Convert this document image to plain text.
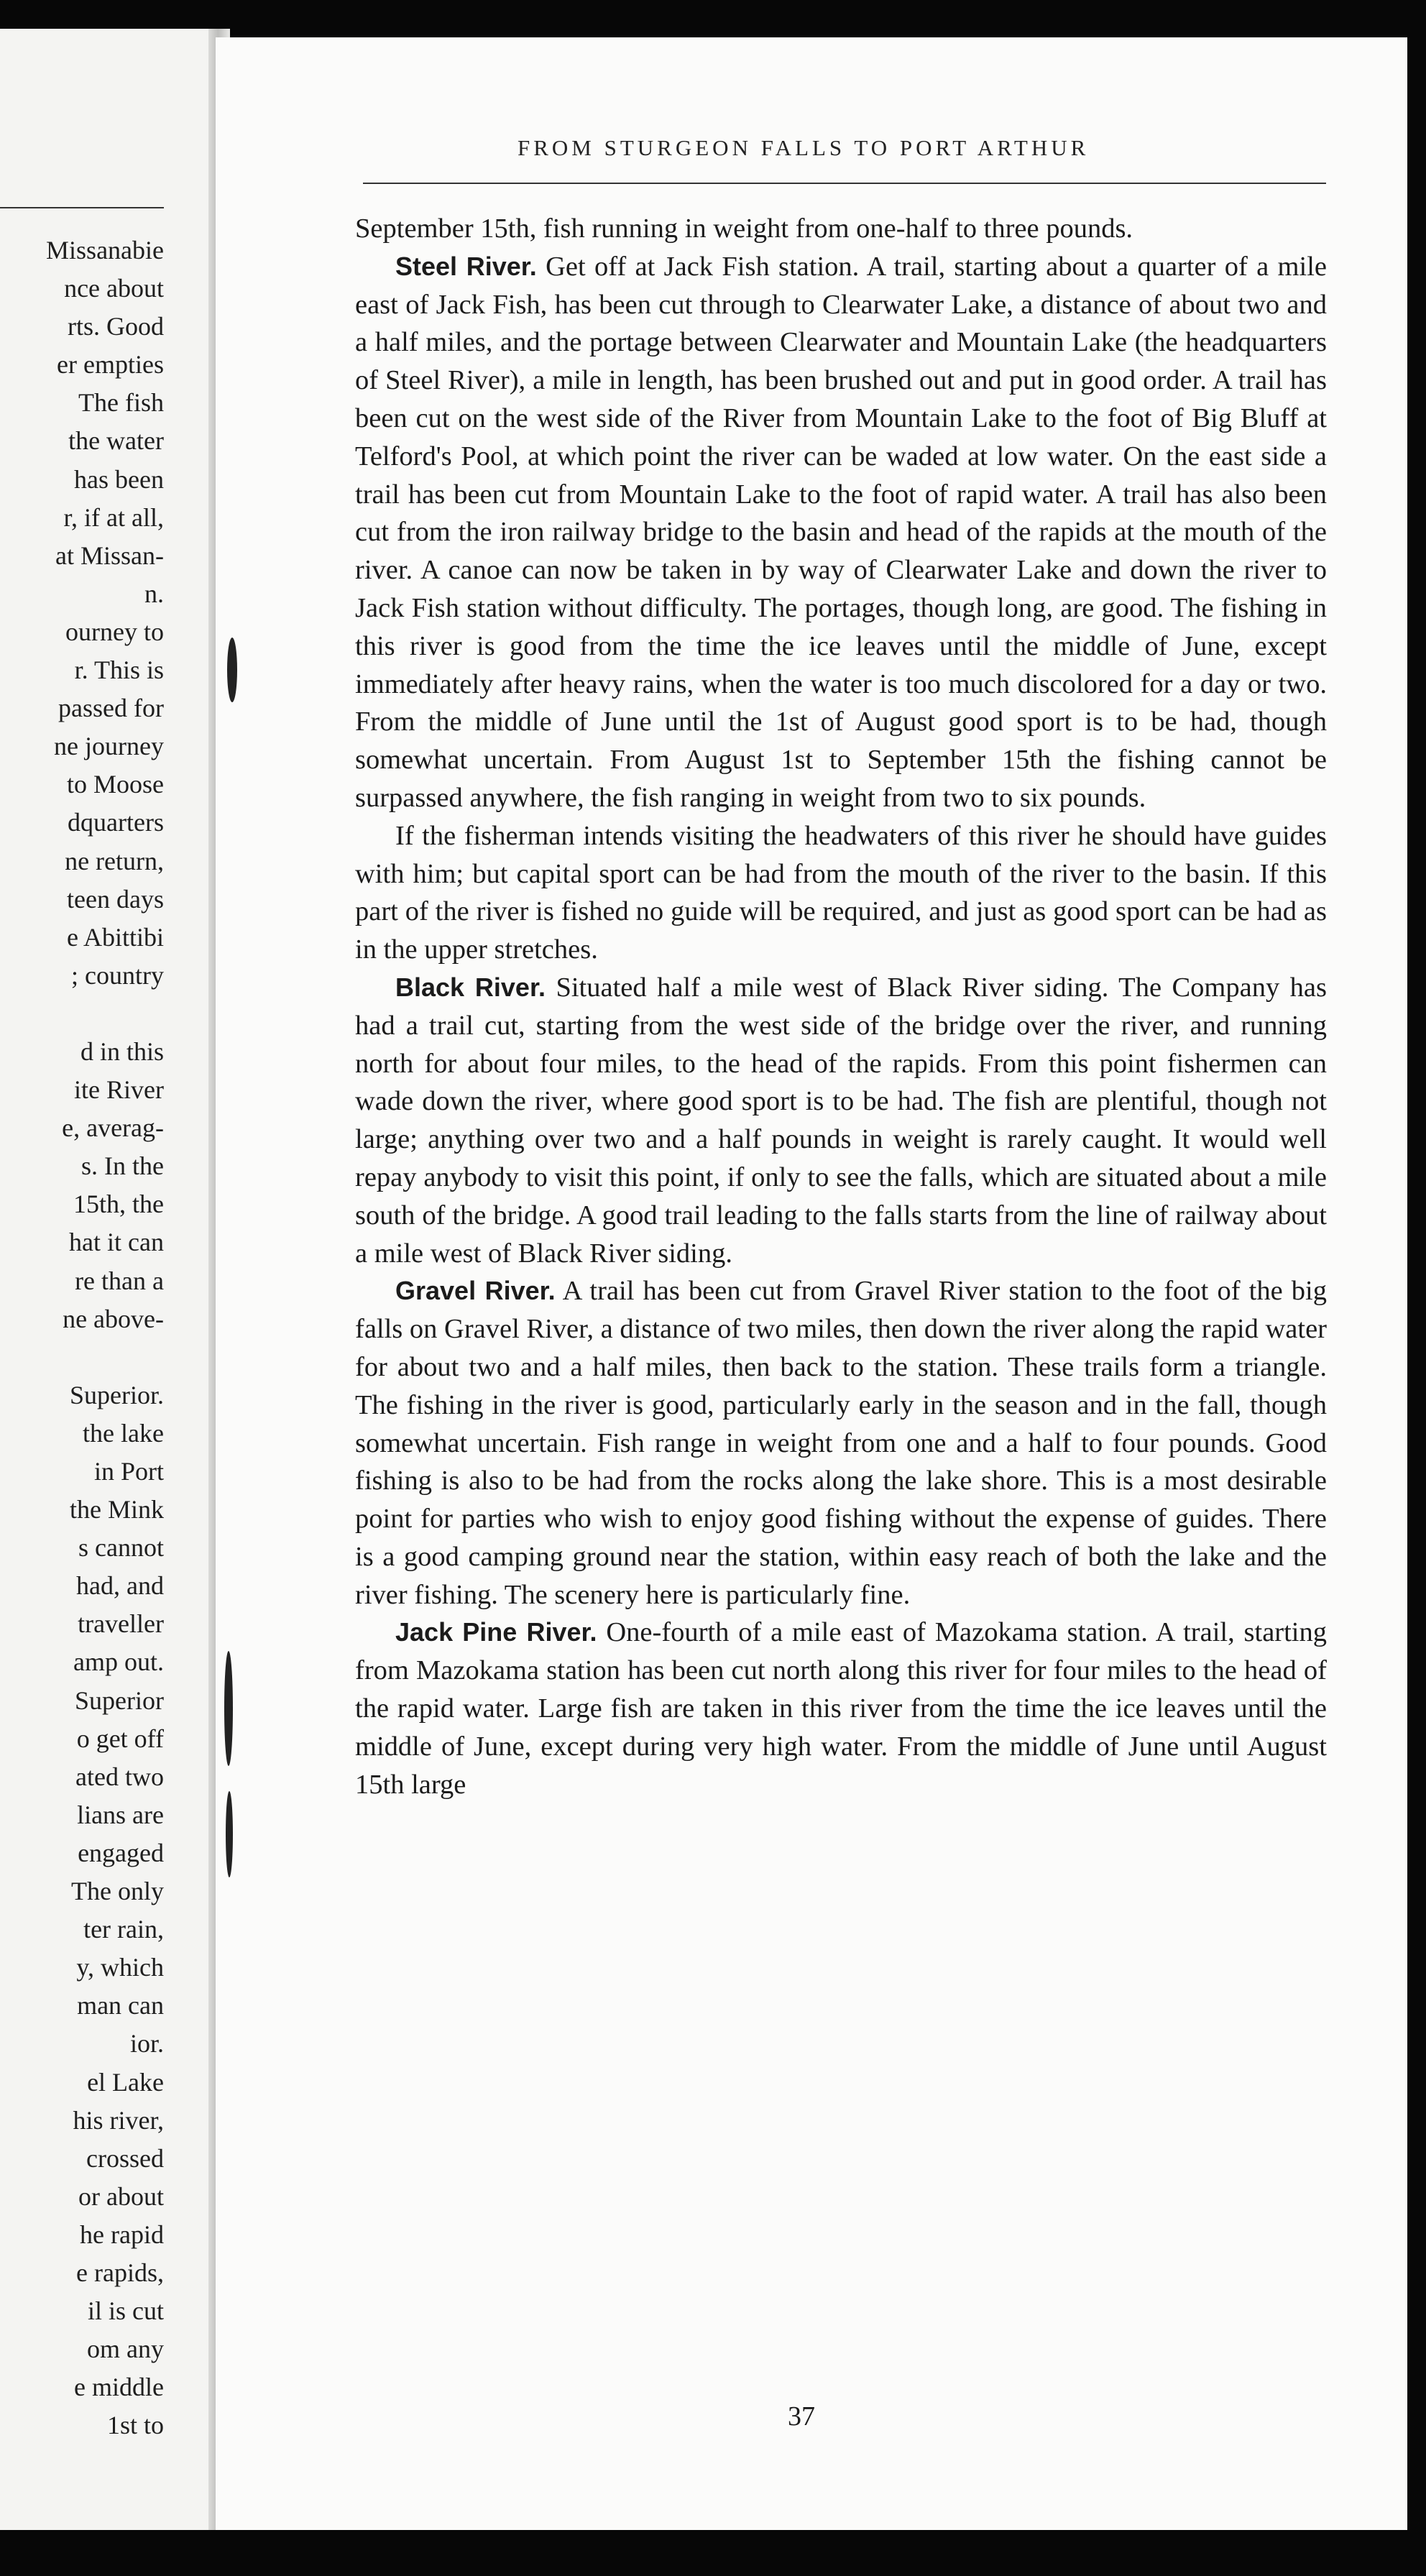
Missanabie
nce about
rts. Good
er empties
The fish
the water
has been
r, if at all,
at Missan-
n.
ourney to
r. This is
passed for
ne journey
to Moose
dquarters
ne return,
teen days
e Abittibi
; country

d in this
ite River
e, averag-
s. In the
15th, the
hat it can
re than a
ne above-

Superior.
the lake
in Port
the Mink
s cannot
had, and
traveller
amp out.
Superior
o get off
ated two
lians are
engaged
The only
ter rain,
y, which
man can
ior.
el Lake
his river,
crossed
or about
he rapid
e rapids,
il is cut
om any
e middle
1st to
FROM STURGEON FALLS TO PORT ARTHUR

September 15th, fish running in weight from one-half to three pounds.

Steel River. Get off at Jack Fish station. A trail, starting about a quarter of a mile east of Jack Fish, has been cut through to Clearwater Lake, a distance of about two and a half miles, and the portage between Clearwater and Mountain Lake (the headquarters of Steel River), a mile in length, has been brushed out and put in good order. A trail has been cut on the west side of the River from Mountain Lake to the foot of Big Bluff at Telford's Pool, at which point the river can be waded at low water. On the east side a trail has been cut from Mountain Lake to the foot of rapid water. A trail has also been cut from the iron railway bridge to the basin and head of the rapids at the mouth of the river. A canoe can now be taken in by way of Clearwater Lake and down the river to Jack Fish station without difficulty. The portages, though long, are good. The fishing in this river is good from the time the ice leaves until the middle of June, except immediately after heavy rains, when the water is too much discolored for a day or two. From the middle of June until the 1st of August good sport is to be had, though somewhat uncertain. From August 1st to September 15th the fishing cannot be surpassed anywhere, the fish ranging in weight from two to six pounds.

If the fisherman intends visiting the headwaters of this river he should have guides with him; but capital sport can be had from the mouth of the river to the basin. If this part of the river is fished no guide will be required, and just as good sport can be had as in the upper stretches.

Black River. Situated half a mile west of Black River siding. The Company has had a trail cut, starting from the west side of the bridge over the river, and running north for about four miles, to the head of the rapids. From this point fishermen can wade down the river, where good sport is to be had. The fish are plentiful, though not large; anything over two and a half pounds in weight is rarely caught. It would well repay anybody to visit this point, if only to see the falls, which are situated about a mile south of the bridge. A good trail leading to the falls starts from the line of railway about a mile west of Black River siding.

Gravel River. A trail has been cut from Gravel River station to the foot of the big falls on Gravel River, a distance of two miles, then down the river along the rapid water for about two and a half miles, then back to the station. These trails form a triangle. The fishing in the river is good, particularly early in the season and in the fall, though somewhat uncertain. Fish range in weight from one and a half to four pounds. Good fishing is also to be had from the rocks along the lake shore. This is a most desirable point for parties who wish to enjoy good fishing without the expense of guides. There is a good camping ground near the station, within easy reach of both the lake and the river fishing. The scenery here is particularly fine.

Jack Pine River. One-fourth of a mile east of Mazokama station. A trail, starting from Mazokama station has been cut north along this river for four miles to the head of the rapid water. Large fish are taken in this river from the time the ice leaves until the middle of June, except during very high water. From the middle of June until August 15th large

37
